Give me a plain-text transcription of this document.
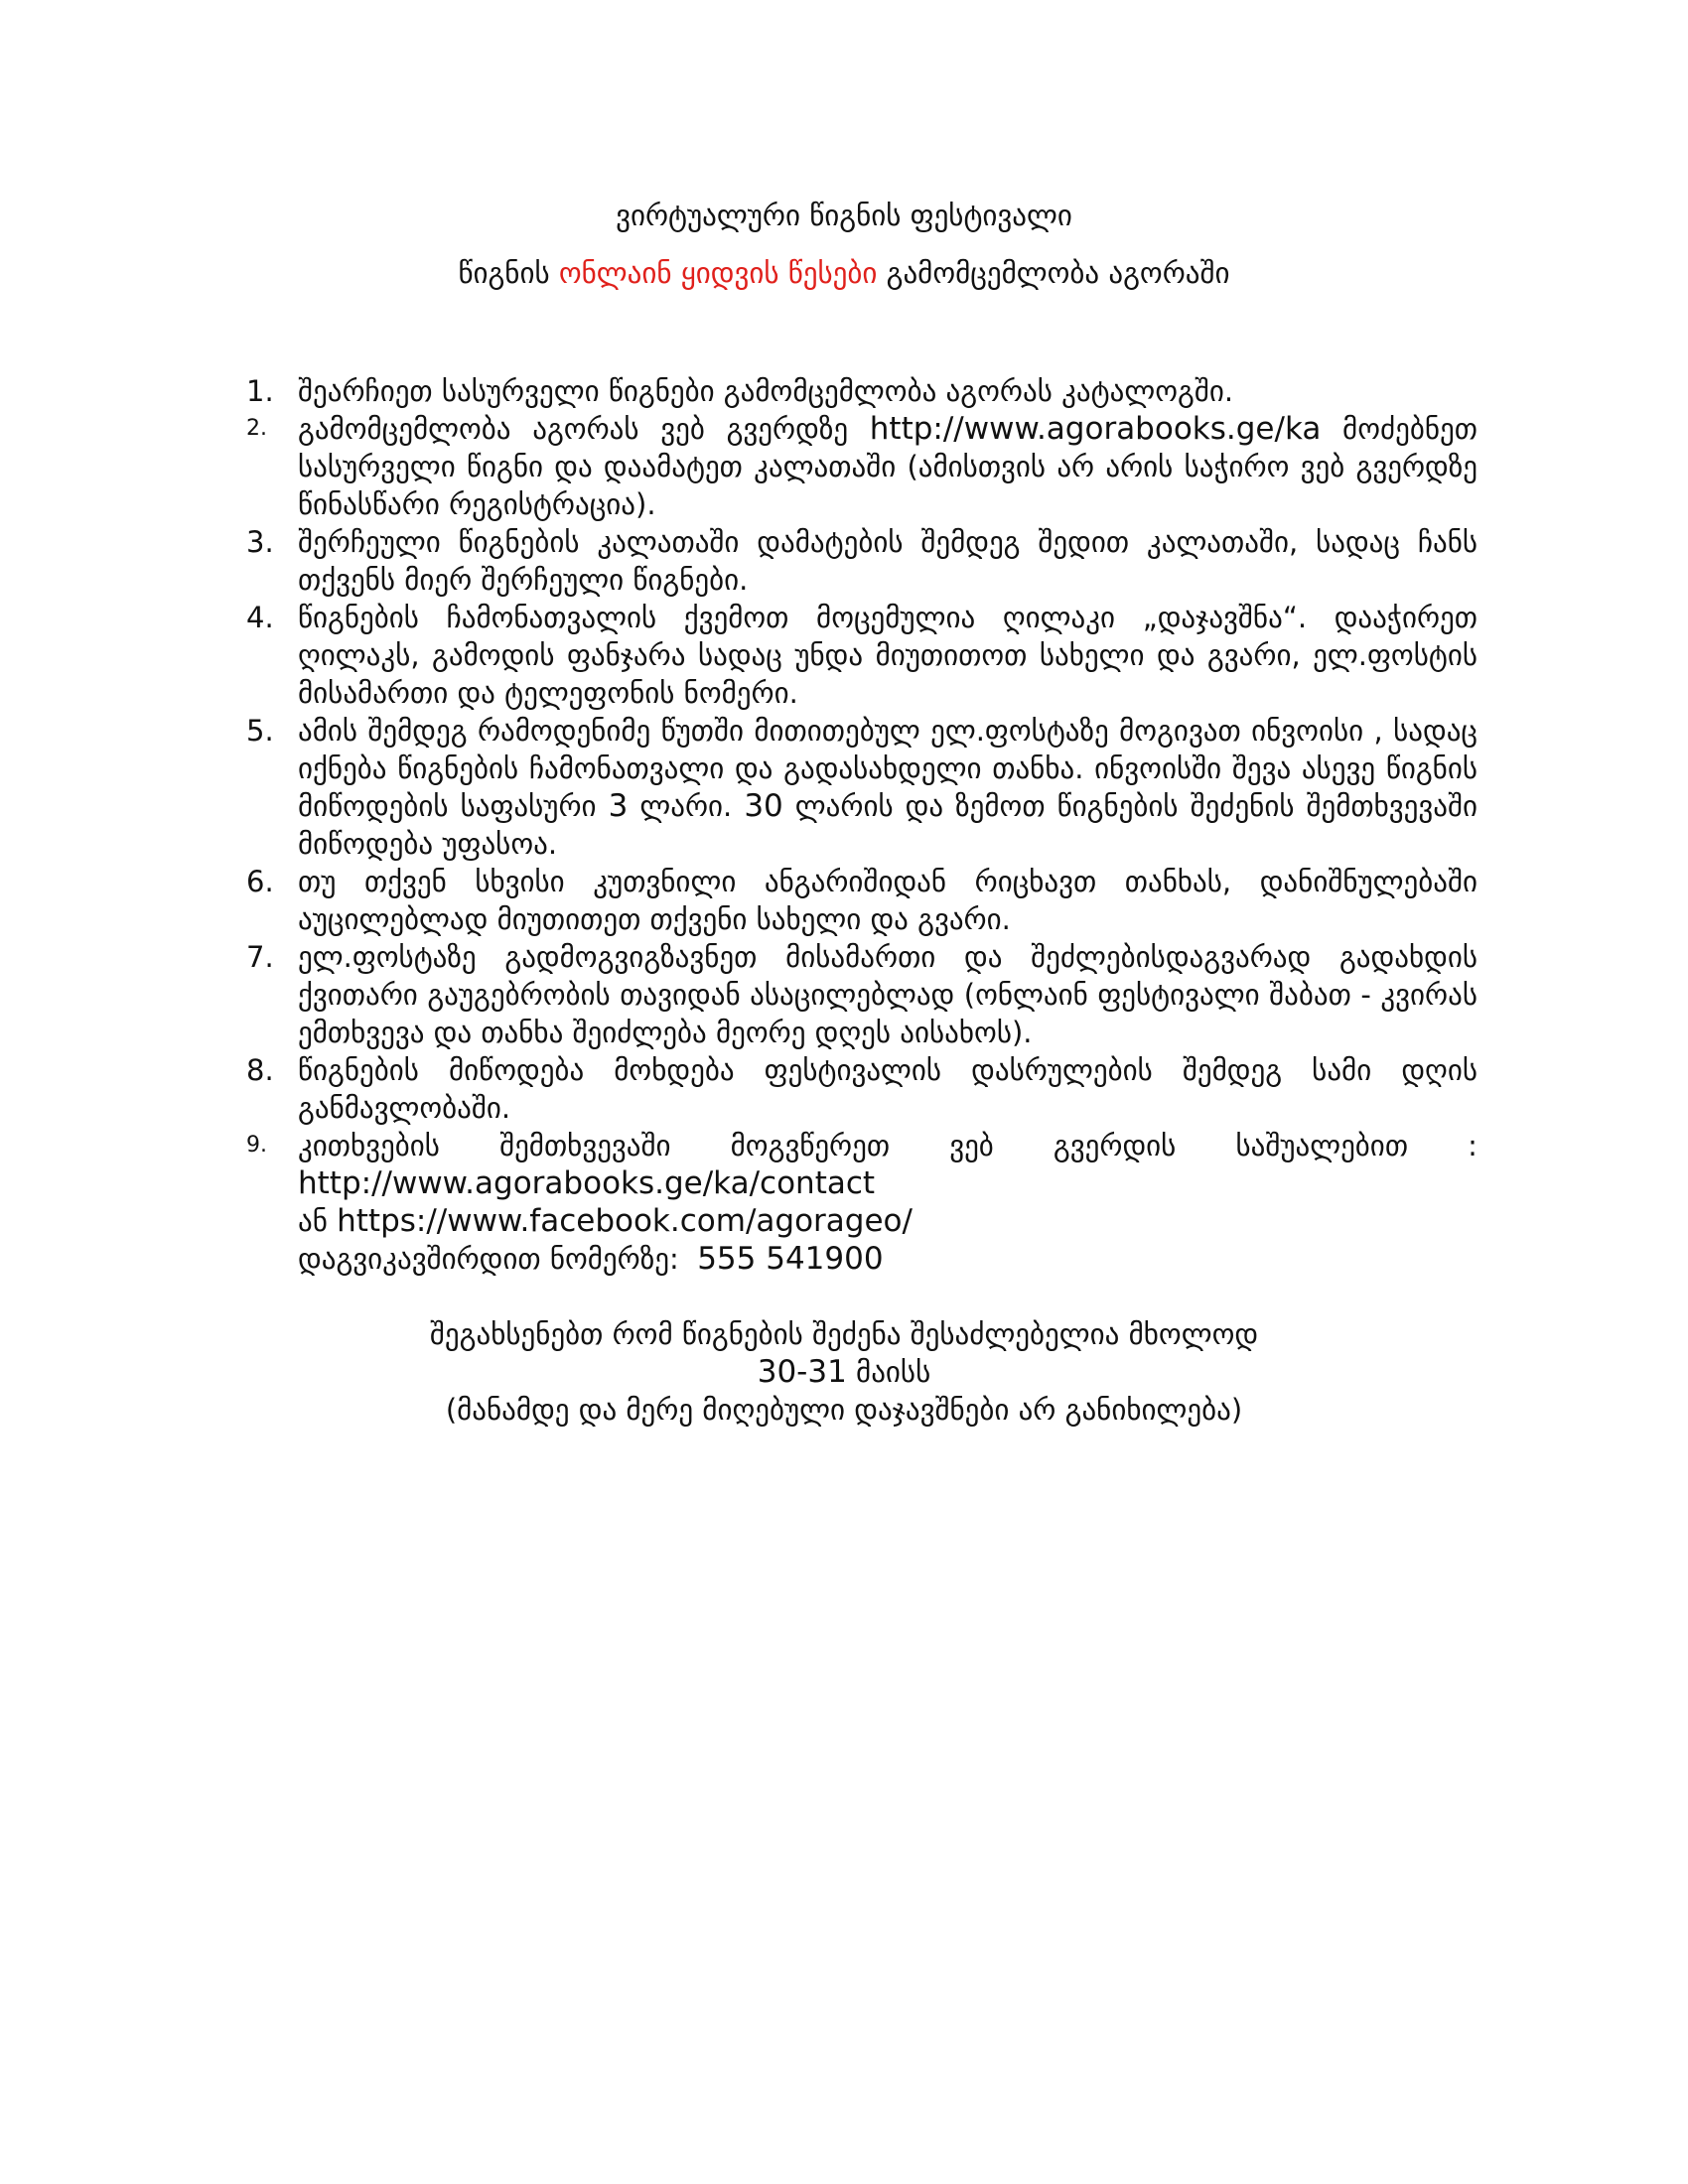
ვირტუალური წიგნის ფესტივალი
წიგნის ონლაინ ყიდვის წესები გამომცემლობა აგორაში
1. შეარჩიეთ სასურველი წიგნები გამომცემლობა აგორას კატალოგში.
2.	გამომცემლობა აგორას ვებ გვერდზე http://www.agorabooks.ge/ka მოძებნეთ სასურველი წიგნი და დაამატეთ კალათაში (ამისთვის არ არის საჭირო ვებ გვერდზე წინასწარი რეგისტრაცია).
3. შერჩეული წიგნების კალათაში დამატების შემდეგ შედით კალათაში, სადაც ჩანს თქვენს მიერ შერჩეული წიგნები.
4. წიგნების ჩამონათვალის ქვემოთ მოცემულია ღილაკი „დაჯავშნა“. დააჭირეთ ღილაკს, გამოდის ფანჯარა სადაც უნდა მიუთითოთ სახელი და გვარი, ელ.ფოსტის მისამართი და ტელეფონის ნომერი.
5. ამის შემდეგ რამოდენიმე წუთში მითითებულ ელ.ფოსტაზე მოგივათ ინვოისი , სადაც იქნება წიგნების ჩამონათვალი და გადასახდელი თანხა. ინვოისში შევა ასევე წიგნის მიწოდების საფასური 3 ლარი. 30 ლარის და ზემოთ წიგნების შეძენის შემთხვევაში მიწოდება უფასოა.
6. თუ თქვენ სხვისი კუთვნილი ანგარიშიდან რიცხავთ თანხას, დანიშნულებაში აუცილებლად მიუთითეთ თქვენი სახელი და გვარი.
7. ელ.ფოსტაზე გადმოგვიგზავნეთ მისამართი და შეძლებისდაგვარად გადახდის ქვითარი გაუგებრობის თავიდან ასაცილებლად (ონლაინ ფესტივალი შაბათ - კვირას ემთხვევა და თანხა შეიძლება მეორე დღეს აისახოს).
8. წიგნების მიწოდება მოხდება ფესტივალის დასრულების შემდეგ სამი დღის განმავლობაში.
9.	კითხვების შემთხვევაში მოგვწერეთ ვებ გვერდის საშუალებით :
http://www.agorabooks.ge/ka/contact
ან https://www.facebook.com/agorageo/
დაგვიკავშირდით ნომერზე:  555 541900
შეგახსენებთ რომ წიგნების შეძენა შესაძლებელია მხოლოდ
30-31 მაისს
(მანამდე და მერე მიღებული დაჯავშნები არ განიხილება)
